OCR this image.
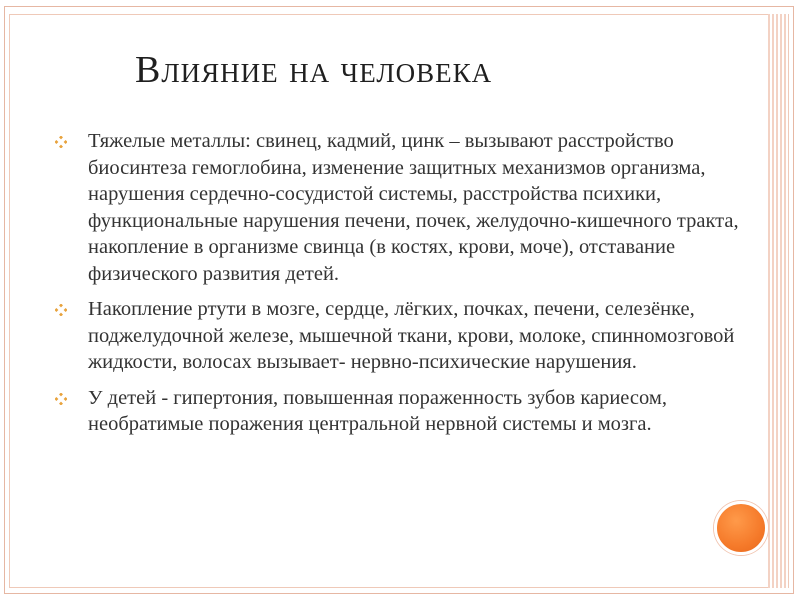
Влияние на человека
Тяжелые металлы: свинец, кадмий, цинк – вызывают расстройство биосинтеза гемоглобина, изменение защитных механизмов организма, нарушения сердечно-сосудистой системы, расстройства психики, функциональные нарушения печени, почек, желудочно-кишечного тракта, накопление в организме свинца (в костях, крови, моче), отставание физического развития детей.
Накопление ртути в мозге, сердце, лёгких, почках, печени, селезёнке, поджелудочной железе, мышечной ткани, крови, молоке, спинномозговой жидкости, волосах вызывает- нервно-психические нарушения.
У детей - гипертония, повышенная пораженность зубов кариесом, необратимые поражения центральной нервной системы и мозга.
